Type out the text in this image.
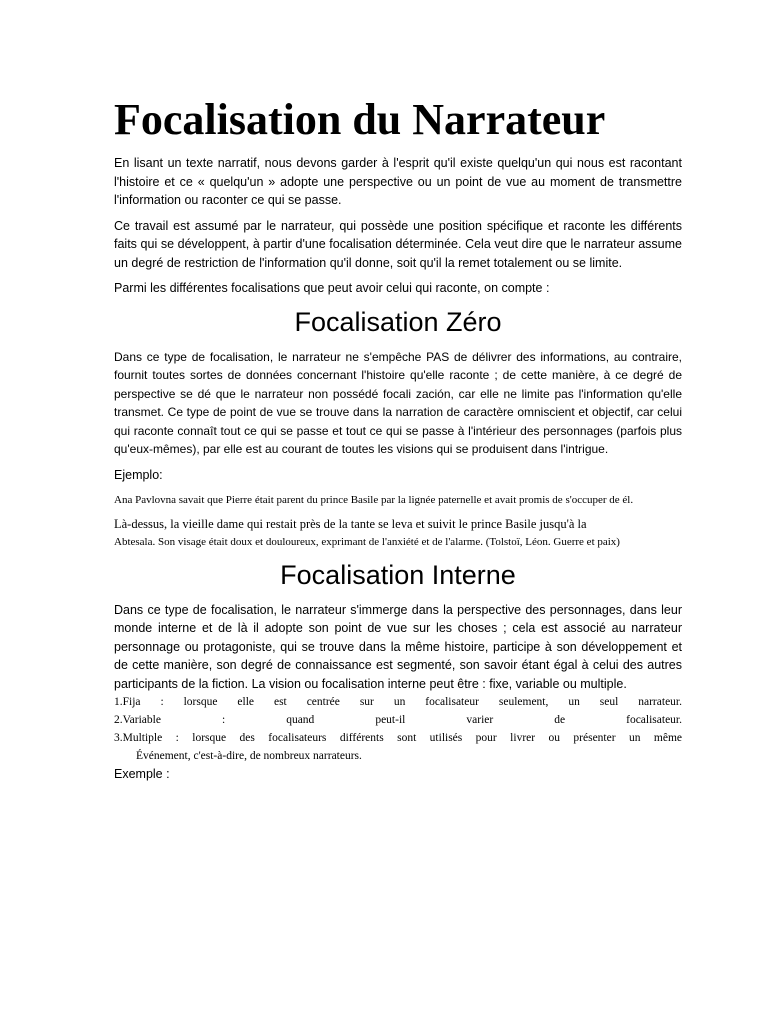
Focalisation du Narrateur

En lisant un texte narratif, nous devons garder à l'esprit qu'il existe quelqu'un qui nous est racontant l'histoire et ce « quelqu'un » adopte une perspective ou un point de vue au moment de transmettre l'information ou raconter ce qui se passe.

Ce travail est assumé par le narrateur, qui possède une position spécifique et raconte les différents faits qui se développent, à partir d'une focalisation déterminée. Cela veut dire que le narrateur assume un degré de restriction de l'information qu'il donne, soit qu'il la remet totalement ou se limite.

Parmi les différentes focalisations que peut avoir celui qui raconte, on compte :

Focalisation Zéro

Dans ce type de focalisation, le narrateur ne s'empêche PAS de délivrer des informations, au contraire, fournit toutes sortes de données concernant l'histoire qu'elle raconte ; de cette manière, à ce degré de perspective se dé que le narrateur non possédé focali zación, car elle ne limite pas l'information qu'elle transmet. Ce type de point de vue se trouve dans la narration de caractère omniscient et objectif, car celui qui raconte connaît tout ce qui se passe et tout ce qui se passe à l'intérieur des personnages (parfois plus qu'eux-mêmes), par elle est au courant de toutes les visions qui se produisent dans l'intrigue.

Ejemplo:

Ana Pavlovna savait que Pierre était parent du prince Basile par la lignée paternelle et avait promis de s'occuper de él.

Là-dessus, la vieille dame qui restait près de la tante se leva et suivit le prince Basile jusqu'à la

Abtesala. Son visage était doux et douloureux, exprimant de l'anxiété et de l'alarme. (Tolstoï, Léon. Guerre et paix)

Focalisation Interne

Dans ce type de focalisation, le narrateur s'immerge dans la perspective des personnages, dans leur monde interne et de là il adopte son point de vue sur les choses ; cela est associé au narrateur personnage ou protagoniste, qui se trouve dans la même histoire, participe à son développement et de cette manière, son degré de connaissance est segmenté, son savoir étant égal à celui des autres participants de la fiction. La vision ou focalisation interne peut être : fixe, variable ou multiple.

1.Fija : lorsque elle est centrée sur un focalisateur seulement, un seul narrateur.

2.Variable : quand peut-il varier de focalisateur.

3.Multiple : lorsque des focalisateurs différents sont utilisés pour livrer ou présenter un même

Événement, c'est-à-dire, de nombreux narrateurs.

Exemple :
